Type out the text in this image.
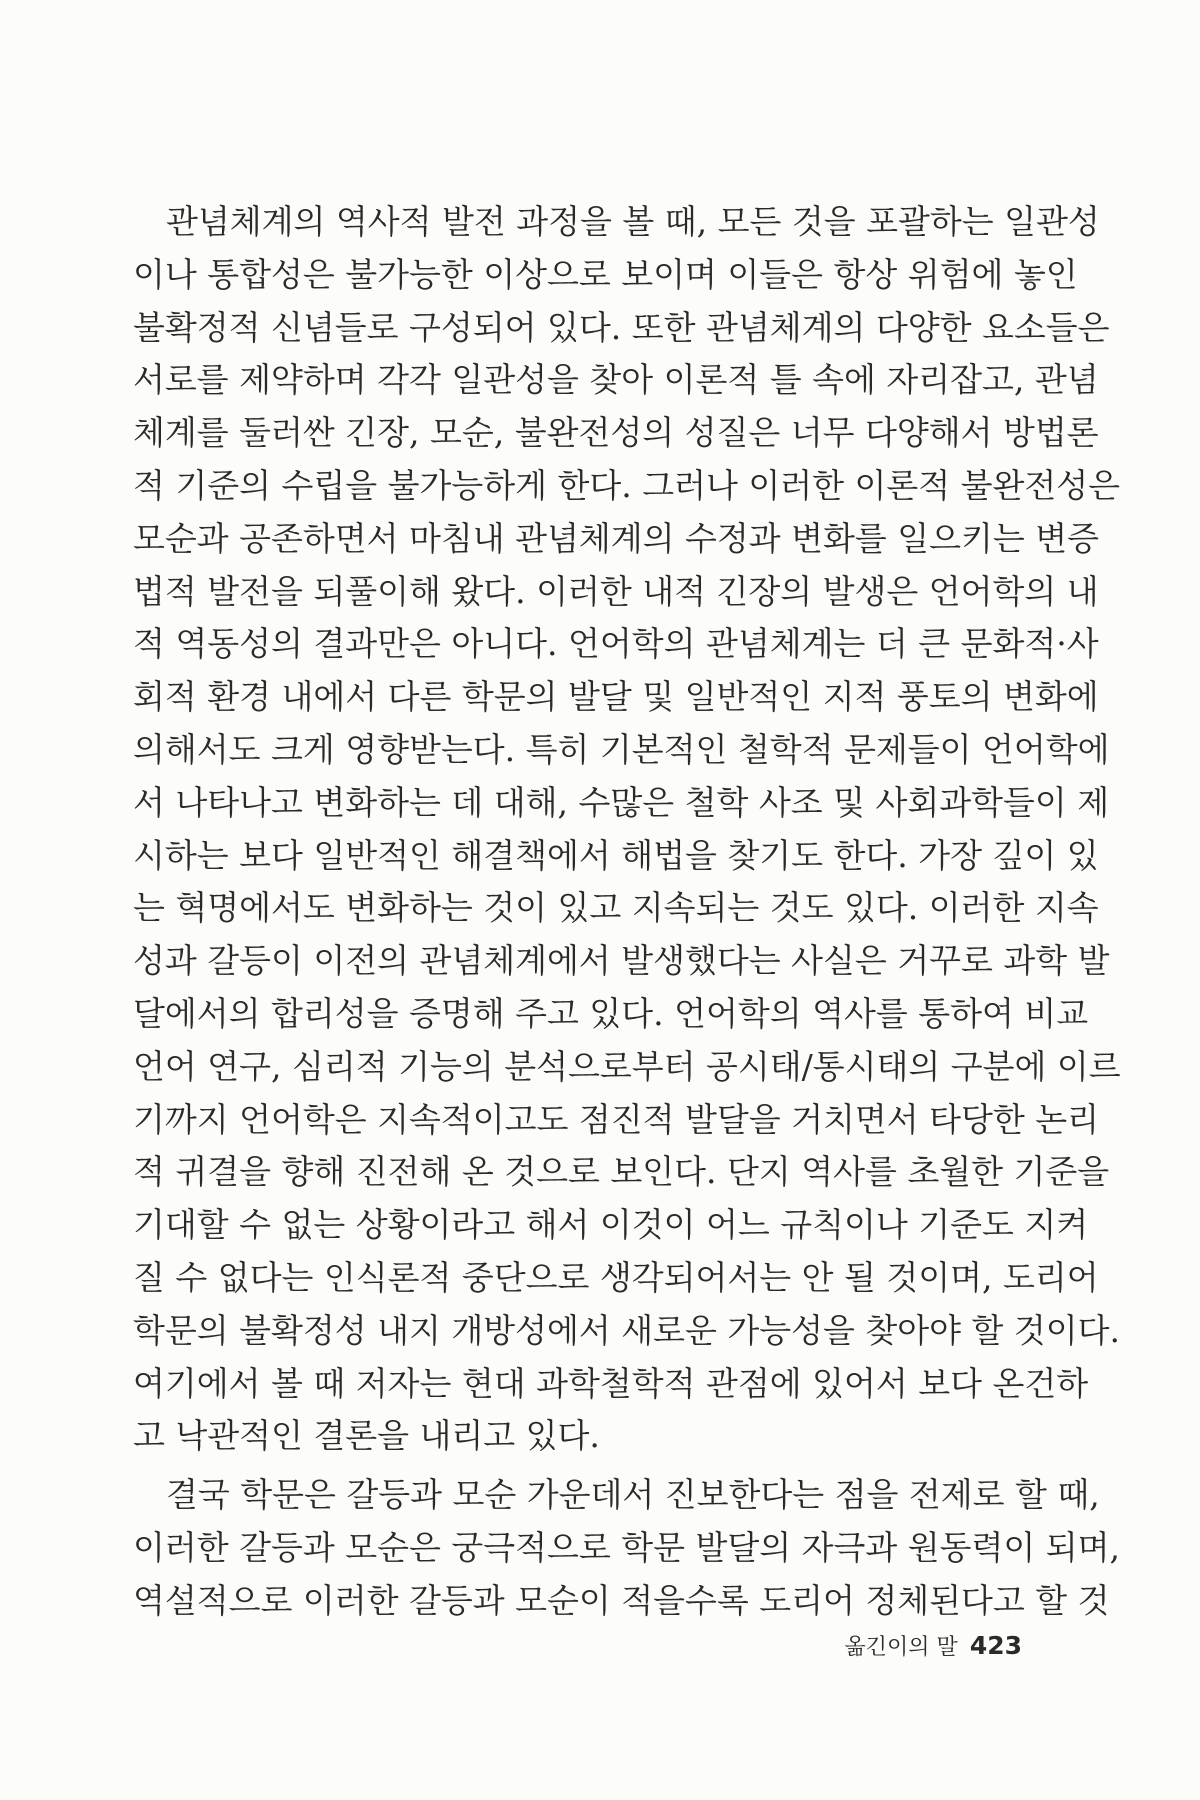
관념체계의 역사적 발전 과정을 볼 때, 모든 것을 포괄하는 일관성
이나 통합성은 불가능한 이상으로 보이며 이들은 항상 위험에 놓인
불확정적 신념들로 구성되어 있다. 또한 관념체계의 다양한 요소들은
서로를 제약하며 각각 일관성을 찾아 이론적 틀 속에 자리잡고, 관념
체계를 둘러싼 긴장, 모순, 불완전성의 성질은 너무 다양해서 방법론
적 기준의 수립을 불가능하게 한다. 그러나 이러한 이론적 불완전성은
모순과 공존하면서 마침내 관념체계의 수정과 변화를 일으키는 변증
법적 발전을 되풀이해 왔다. 이러한 내적 긴장의 발생은 언어학의 내
적 역동성의 결과만은 아니다. 언어학의 관념체계는 더 큰 문화적·사
회적 환경 내에서 다른 학문의 발달 및 일반적인 지적 풍토의 변화에
의해서도 크게 영향받는다. 특히 기본적인 철학적 문제들이 언어학에
서 나타나고 변화하는 데 대해, 수많은 철학 사조 및 사회과학들이 제
시하는 보다 일반적인 해결책에서 해법을 찾기도 한다. 가장 깊이 있
는 혁명에서도 변화하는 것이 있고 지속되는 것도 있다. 이러한 지속
성과 갈등이 이전의 관념체계에서 발생했다는 사실은 거꾸로 과학 발
달에서의 합리성을 증명해 주고 있다. 언어학의 역사를 통하여 비교
언어 연구, 심리적 기능의 분석으로부터 공시태/통시태의 구분에 이르
기까지 언어학은 지속적이고도 점진적 발달을 거치면서 타당한 논리
적 귀결을 향해 진전해 온 것으로 보인다. 단지 역사를 초월한 기준을
기대할 수 없는 상황이라고 해서 이것이 어느 규칙이나 기준도 지켜
질 수 없다는 인식론적 중단으로 생각되어서는 안 될 것이며, 도리어
학문의 불확정성 내지 개방성에서 새로운 가능성을 찾아야 할 것이다.
여기에서 볼 때 저자는 현대 과학철학적 관점에 있어서 보다 온건하
고 낙관적인 결론을 내리고 있다.
결국 학문은 갈등과 모순 가운데서 진보한다는 점을 전제로 할 때,
이러한 갈등과 모순은 궁극적으로 학문 발달의 자극과 원동력이 되며,
역설적으로 이러한 갈등과 모순이 적을수록 도리어 정체된다고 할 것
옮긴이의 말 423
